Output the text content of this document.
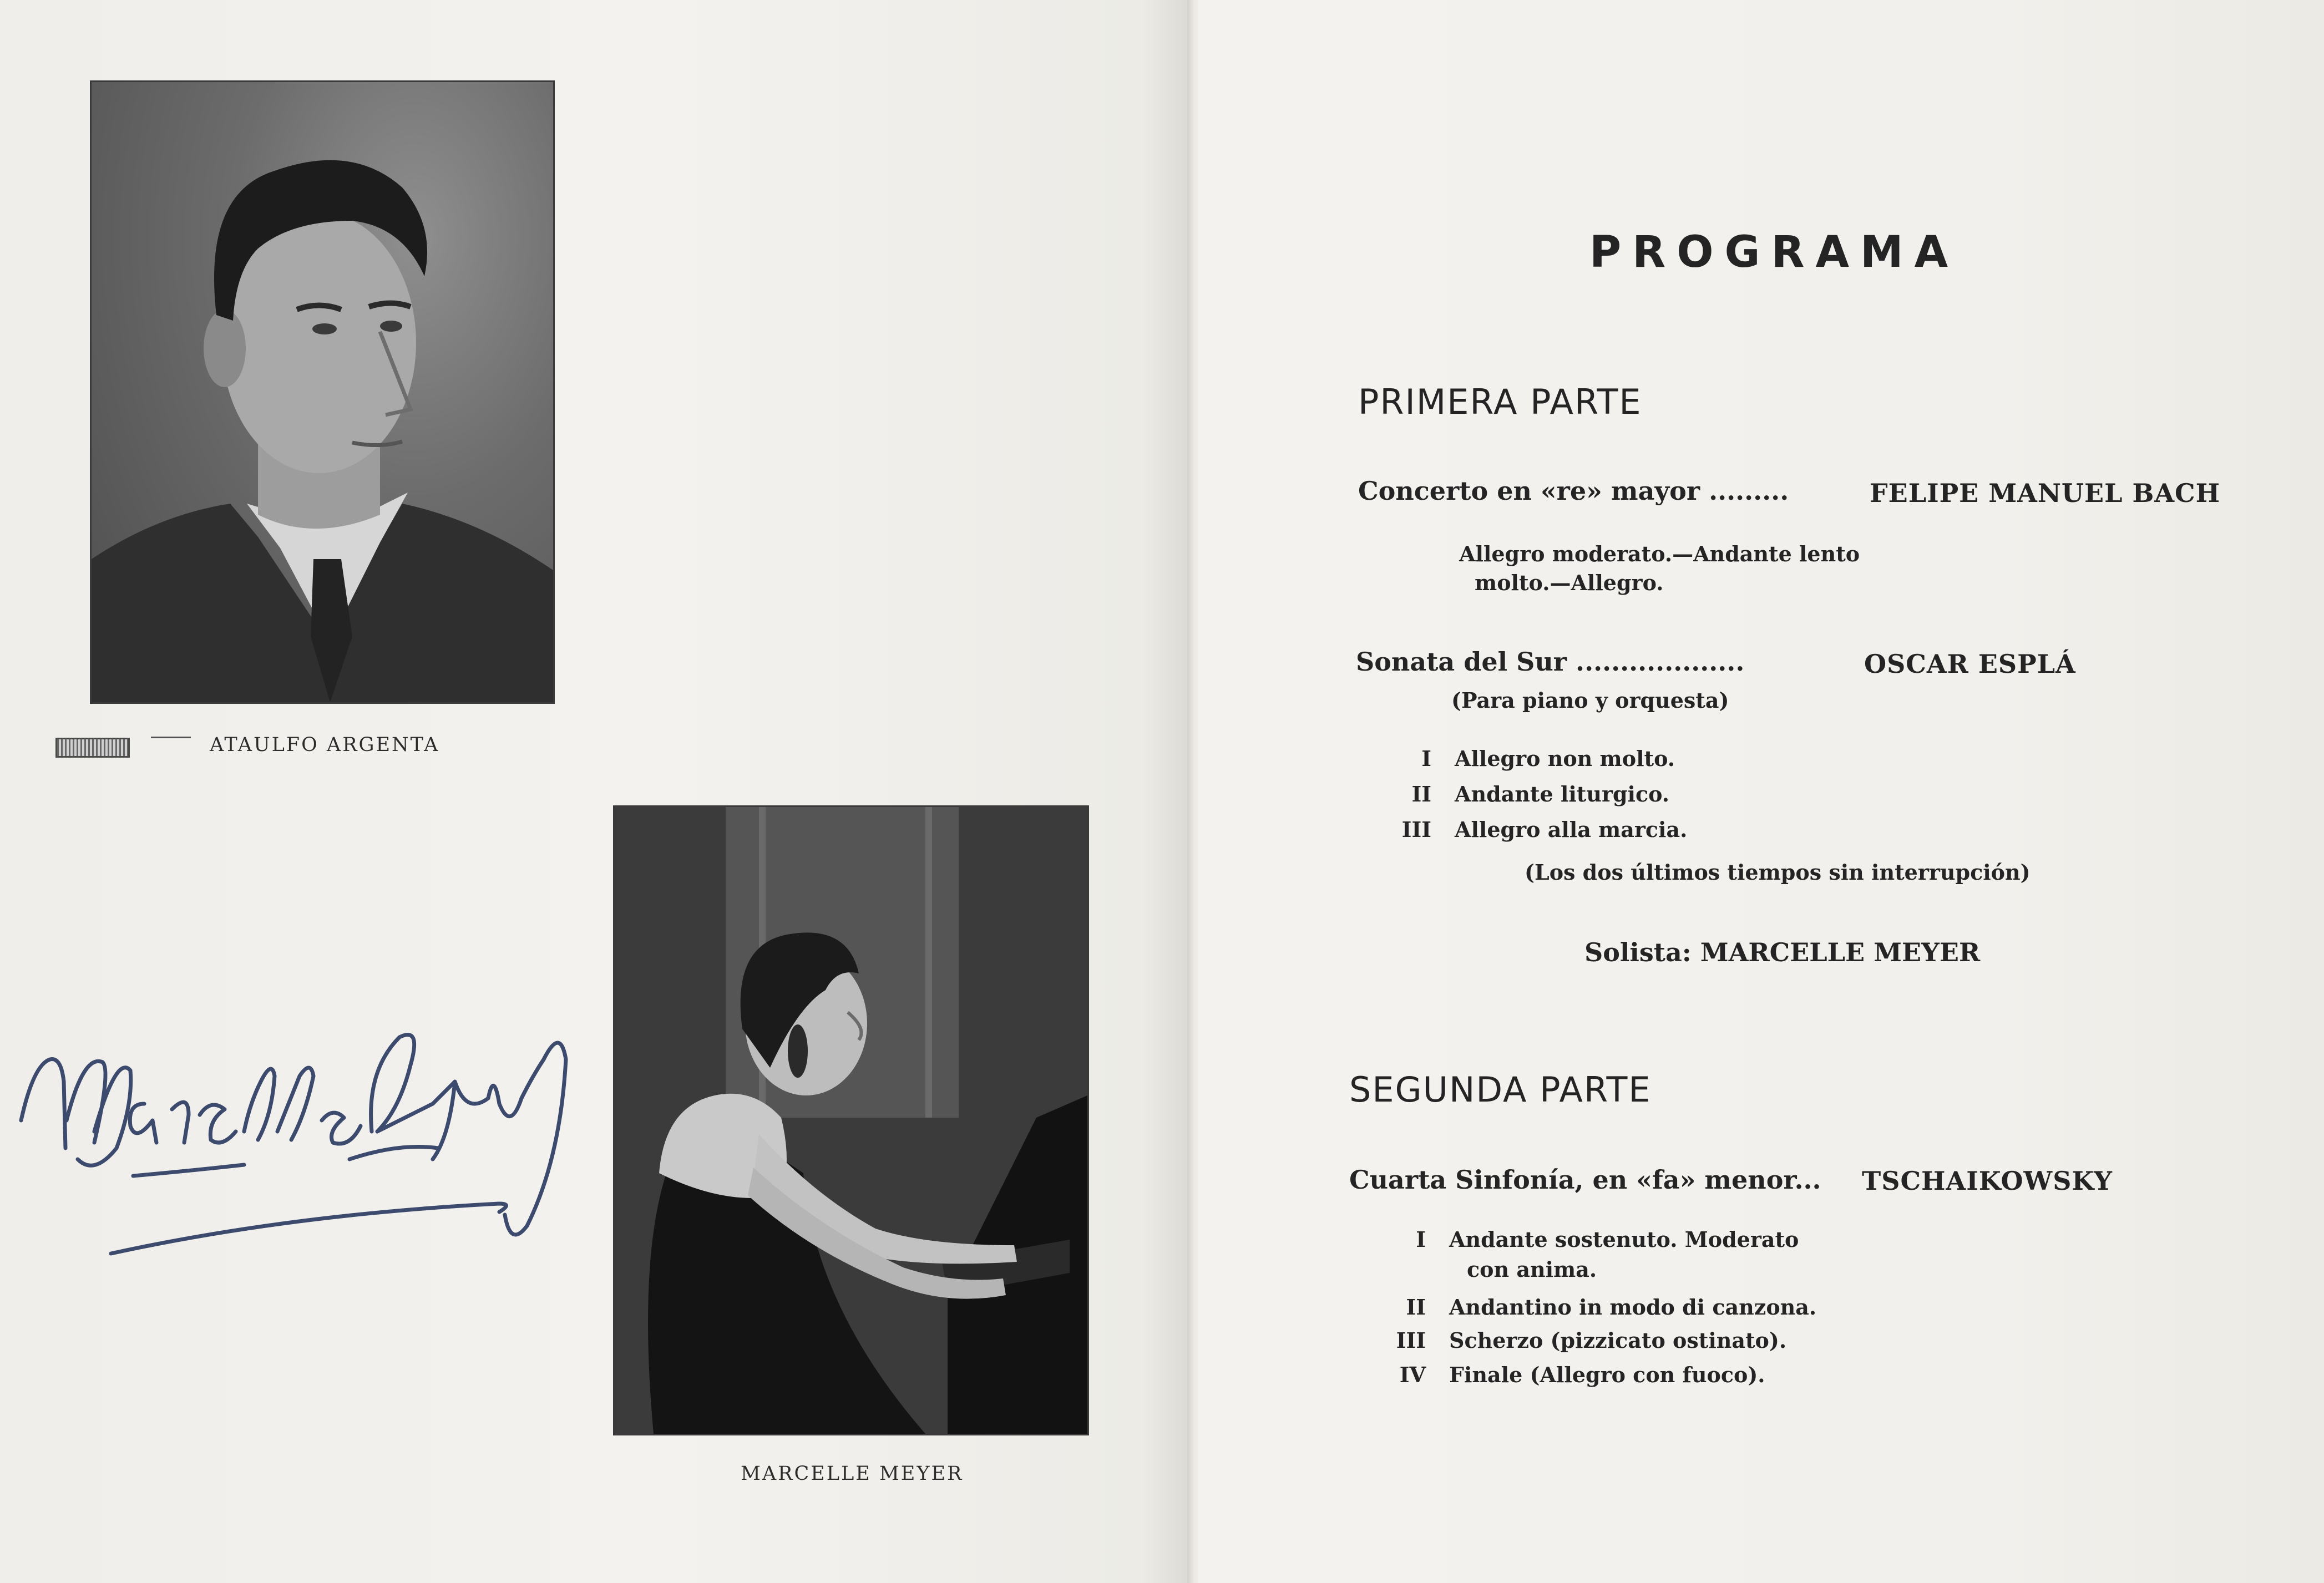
ATAULFO ARGENTA
MARCELLE MEYER
PROGRAMA
PRIMERA PARTE
Concerto en «re» mayor .........	FELIPE MANUEL BACH
Allegro moderato.—Andante lento
molto.—Allegro.
Sonata del Sur ...................	OSCAR ESPLÁ
(Para piano y orquesta)
I Allegro non molto.
II Andante liturgico.
III Allegro alla marcia.
(Los dos últimos tiempos sin interrupción)
Solista: MARCELLE MEYER
SEGUNDA PARTE
Cuarta Sinfonía, en «fa» menor... TSCHAIKOWSKY
I Andante sostenuto. Moderato
con anima.
II Andantino in modo di canzona.
III Scherzo (pizzicato ostinato).
IV Finale (Allegro con fuoco).
